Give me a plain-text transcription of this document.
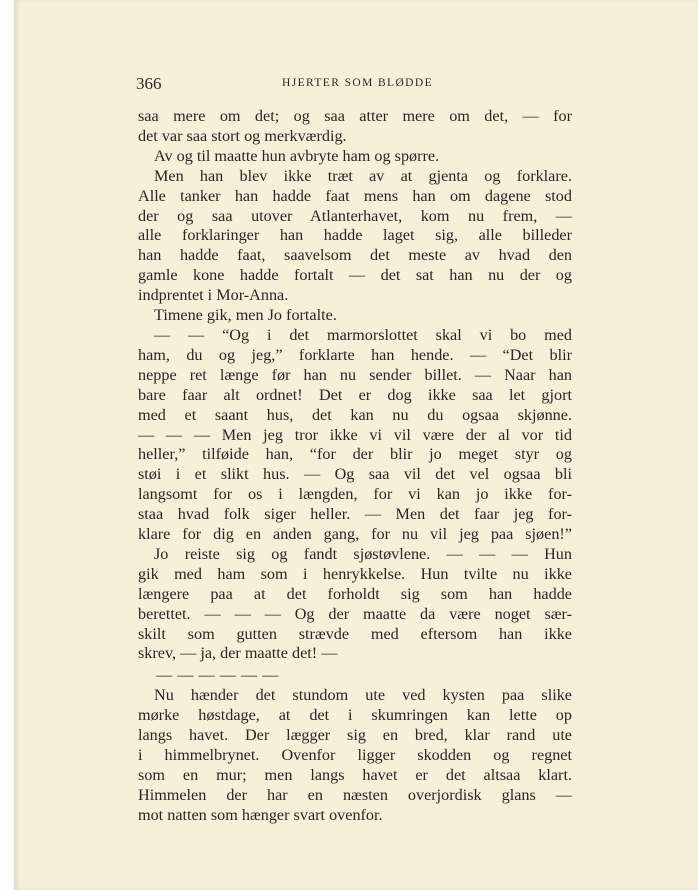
366	HJERTER SOM BLØDDE
saa mere om det; og saa atter mere om det, — for
det var saa stort og merkværdig.
Av og til maatte hun avbryte ham og spørre.
Men han blev ikke træt av at gjenta og forklare.
Alle tanker han hadde faat mens han om dagene stod
der og saa utover Atlanterhavet, kom nu frem, —
alle forklaringer han hadde laget sig, alle billeder
han hadde faat, saavelsom det meste av hvad den
gamle kone hadde fortalt — det sat han nu der og
indprentet i Mor-Anna.
Timene gik, men Jo fortalte.
— — “Og i det marmorslottet skal vi bo med
ham, du og jeg,” forklarte han hende. — “Det blir
neppe ret længe før han nu sender billet. — Naar han
bare faar alt ordnet! Det er dog ikke saa let gjort
med et saant hus, det kan nu du ogsaa skjønne.
— — — Men jeg tror ikke vi vil være der al vor tid
heller,” tilføide han, “for der blir jo meget styr og
støi i et slikt hus. — Og saa vil det vel ogsaa bli
langsomt for os i længden, for vi kan jo ikke for-
staa hvad folk siger heller. — Men det faar jeg for-
klare for dig en anden gang, for nu vil jeg paa sjøen!”
Jo reiste sig og fandt sjøstøvlene. — — — Hun
gik med ham som i henrykkelse. Hun tvilte nu ikke
længere paa at det forholdt sig som han hadde
berettet. — — — Og der maatte da være noget sær-
skilt som gutten strævde med eftersom han ikke
skrev, — ja, der maatte det! —
— — — — — —
Nu hænder det stundom ute ved kysten paa slike
mørke høstdage, at det i skumringen kan lette op
langs havet. Der lægger sig en bred, klar rand ute
i himmelbrynet. Ovenfor ligger skodden og regnet
som en mur; men langs havet er det altsaa klart.
Himmelen der har en næsten overjordisk glans —
mot natten som hænger svart ovenfor.
